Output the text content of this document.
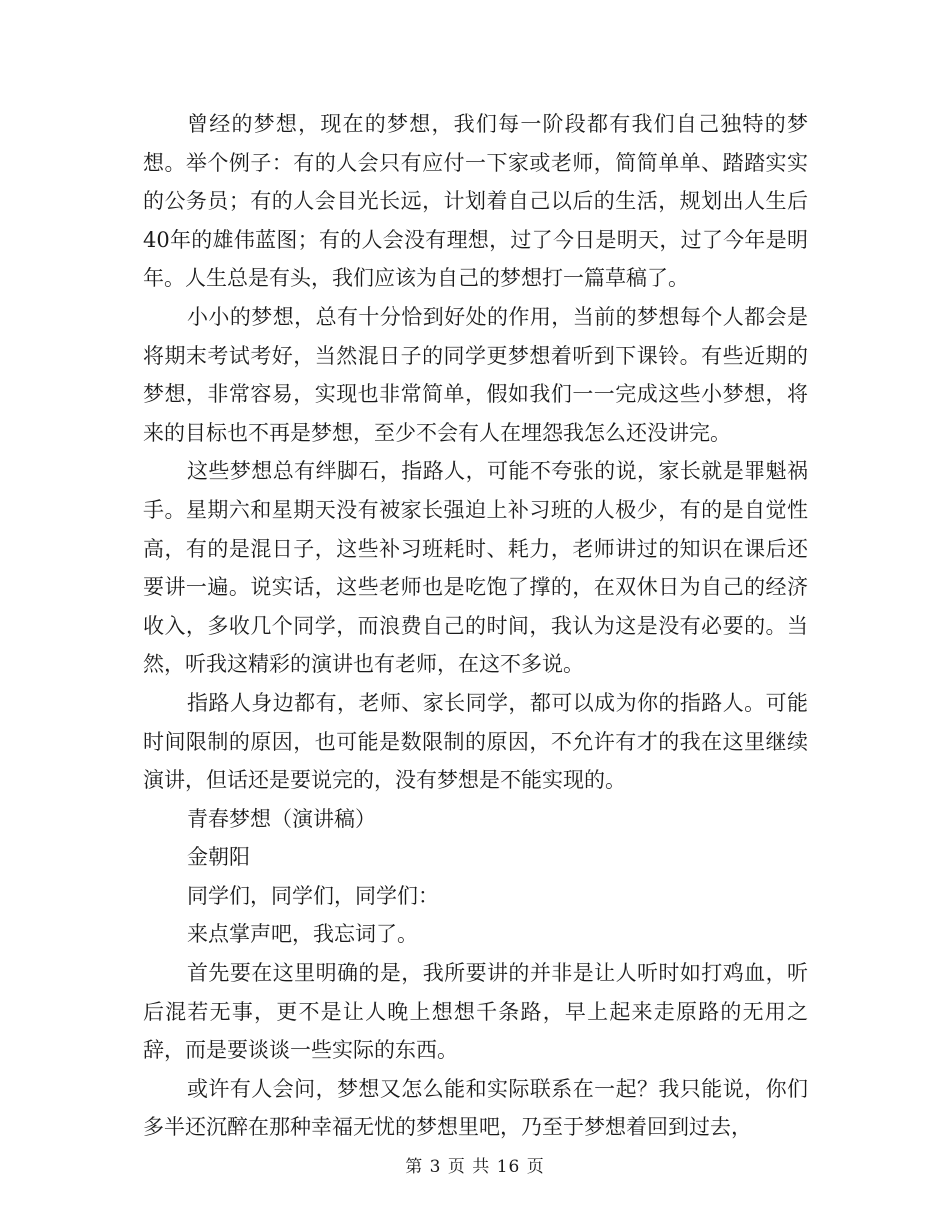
曾经的梦想，现在的梦想，我们每一阶段都有我们自己独特的梦想。举个例子：有的人会只有应付一下家或老师，简简单单、踏踏实实的公务员；有的人会目光长远，计划着自己以后的生活，规划出人生后40年的雄伟蓝图；有的人会没有理想，过了今日是明天，过了今年是明年。人生总是有头，我们应该为自己的梦想打一篇草稿了。

小小的梦想，总有十分恰到好处的作用，当前的梦想每个人都会是将期末考试考好，当然混日子的同学更梦想着听到下课铃。有些近期的梦想，非常容易，实现也非常简单，假如我们一一完成这些小梦想，将来的目标也不再是梦想，至少不会有人在埋怨我怎么还没讲完。

这些梦想总有绊脚石，指路人，可能不夸张的说，家长就是罪魁祸手。星期六和星期天没有被家长强迫上补习班的人极少，有的是自觉性高，有的是混日子，这些补习班耗时、耗力，老师讲过的知识在课后还要讲一遍。说实话，这些老师也是吃饱了撑的，在双休日为自己的经济收入，多收几个同学，而浪费自己的时间，我认为这是没有必要的。当然，听我这精彩的演讲也有老师，在这不多说。

指路人身边都有，老师、家长同学，都可以成为你的指路人。可能时间限制的原因，也可能是数限制的原因，不允许有才的我在这里继续演讲，但话还是要说完的，没有梦想是不能实现的。

青春梦想（演讲稿）

金朝阳

同学们，同学们，同学们：

来点掌声吧，我忘词了。

首先要在这里明确的是，我所要讲的并非是让人听时如打鸡血，听后混若无事，更不是让人晚上想想千条路，早上起来走原路的无用之辞，而是要谈谈一些实际的东西。

或许有人会问，梦想又怎么能和实际联系在一起？我只能说，你们多半还沉醉在那种幸福无忧的梦想里吧，乃至于梦想着回到过去，

第 3 页 共 16 页
